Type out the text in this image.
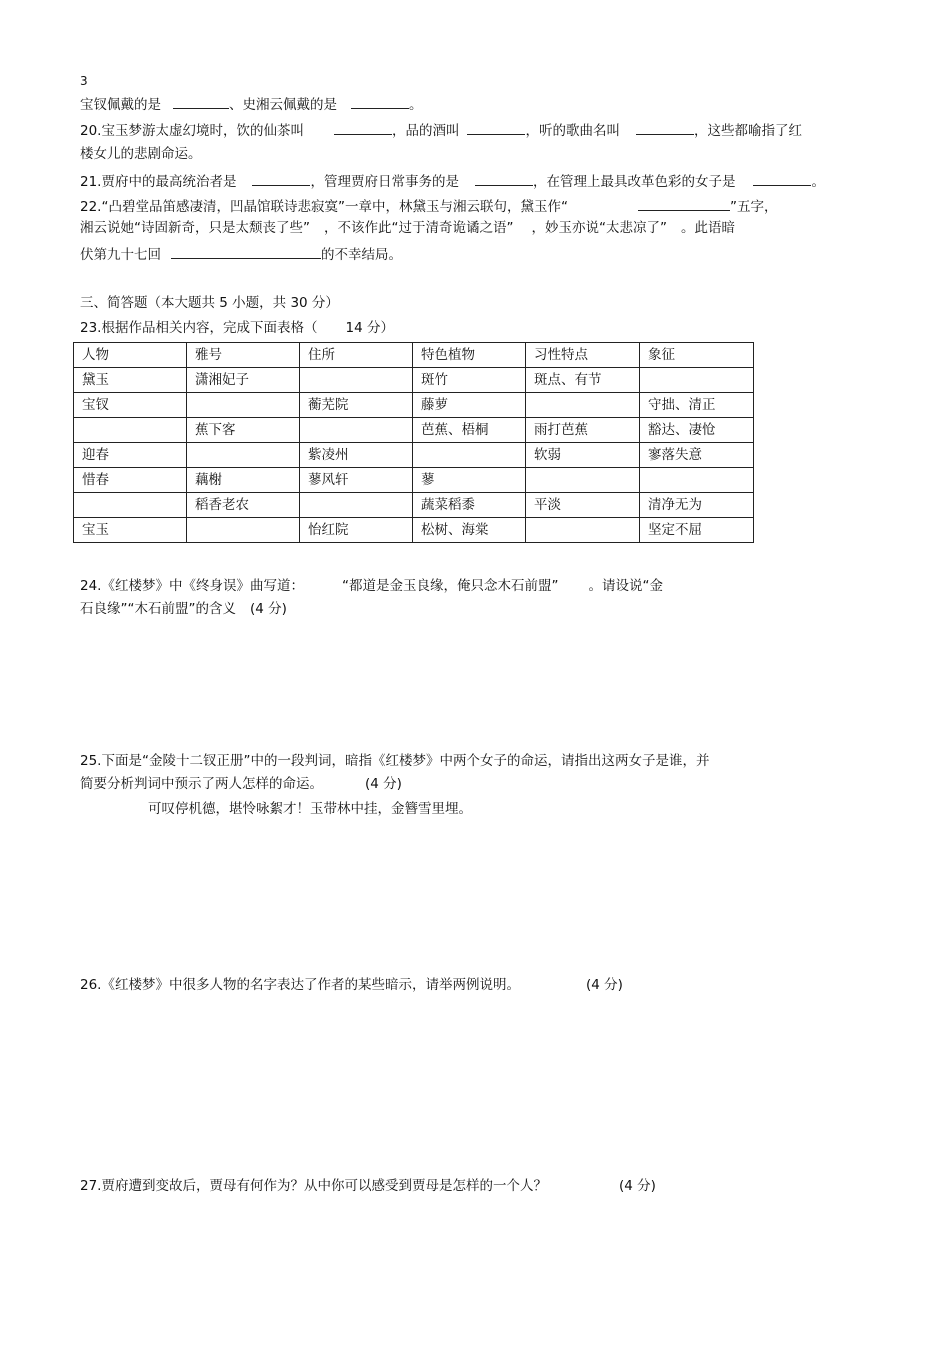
3
宝钗佩戴的是	、史湘云佩戴的是	。
20.宝玉梦游太虚幻境时，饮的仙茶叫	，品的酒叫	，听的歌曲名叫	，这些都喻指了红
楼女儿的悲剧命运。
21.贾府中的最高统治者是	，管理贾府日常事务的是	，在管理上最具改革色彩的女子是	。
22.“凸碧堂品笛感凄清，凹晶馆联诗悲寂寞”一章中，林黛玉与湘云联句，黛玉作“	”五字，
湘云说她“诗固新奇，只是太颓丧了些” ，不该作此“过于清奇诡谲之语” ，妙玉亦说“太悲凉了” 。此语暗
伏第九十七回	的不幸结局。
三、简答题（本大题共 5 小题，共 30 分）
23.根据作品相关内容，完成下面表格（ 14 分）
人物	雅号	住所	特色植物	习性特点	象征
黛玉	潇湘妃子		斑竹	斑点、有节	
宝钗		蘅芜院	藤萝		守拙、清正
	蕉下客		芭蕉、梧桐	雨打芭蕉	豁达、凄怆
迎春		紫凌州		软弱	寥落失意
惜春	藕榭	蓼风轩	蓼		
	稻香老农		蔬菜稻黍	平淡	清净无为
宝玉		怡红院	松树、海棠		坚定不屈
24.《红楼梦》中《终身误》曲写道：	“都道是金玉良缘，俺只念木石前盟” 。请设说“金
石良缘”“木石前盟”的含义 (4 分)
25.下面是“金陵十二钗正册”中的一段判词，暗指《红楼梦》中两个女子的命运，请指出这两女子是谁，并
简要分析判词中预示了两人怎样的命运。	(4 分)
可叹停机德，堪怜咏絮才！玉带林中挂，金簪雪里埋。
26.《红楼梦》中很多人物的名字表达了作者的某些暗示，请举两例说明。	(4 分)
27.贾府遭到变故后，贾母有何作为？从中你可以感受到贾母是怎样的一个人？	(4 分)
